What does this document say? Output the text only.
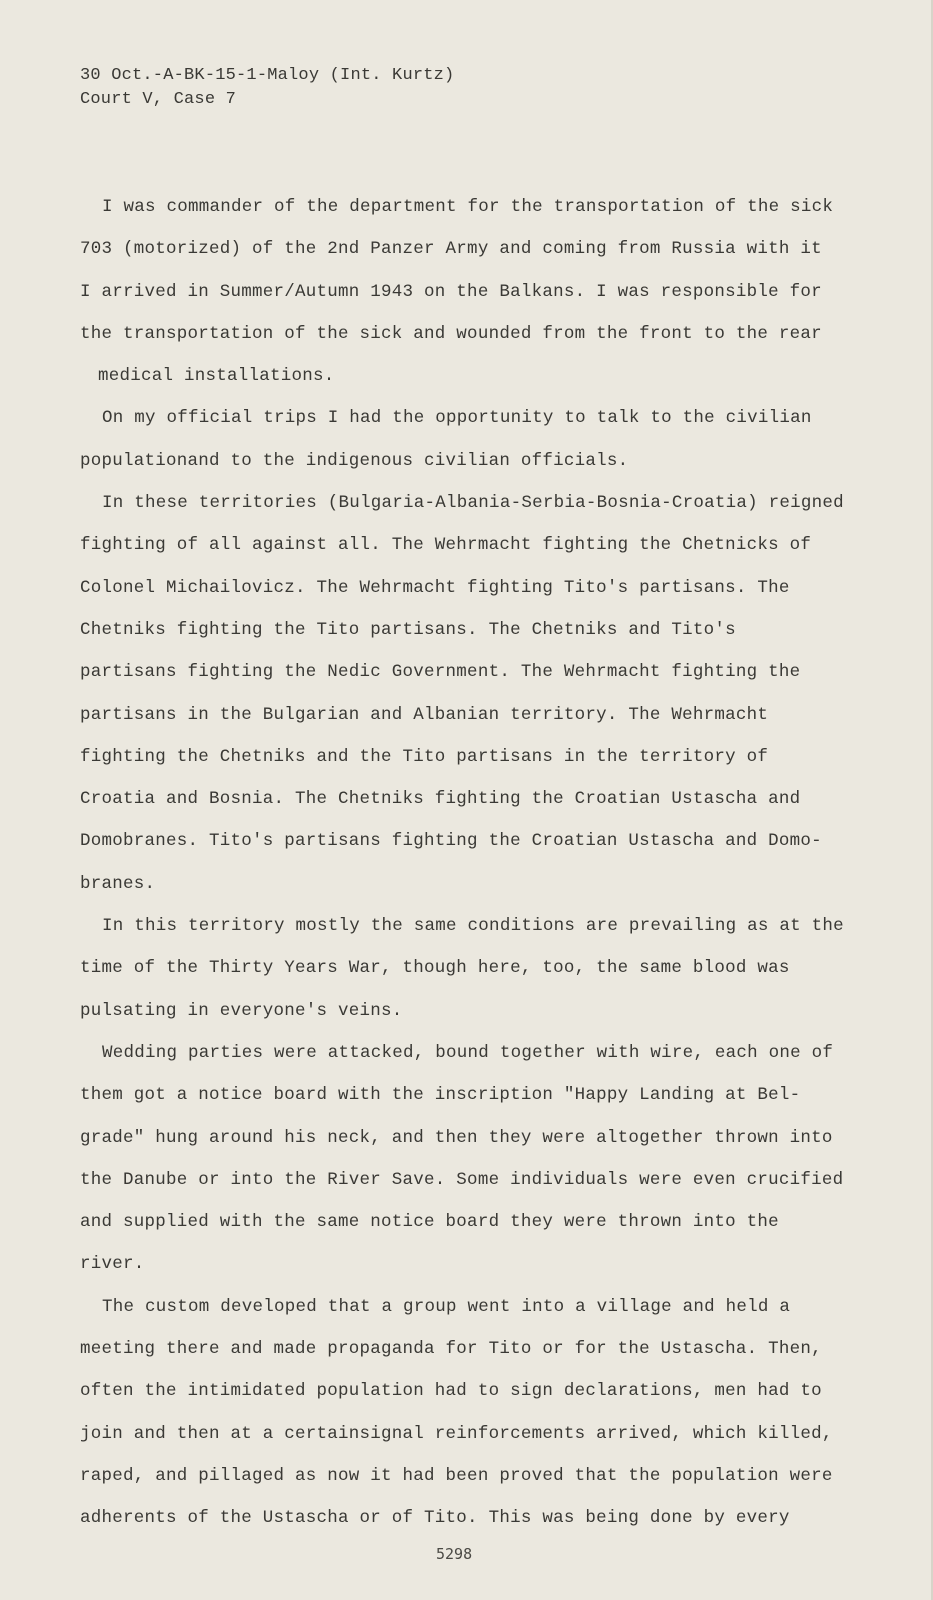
30 Oct.-A-BK-15-1-Maloy (Int. Kurtz)
Court V, Case 7
I was commander of the department for the transportation of the sick
703 (motorized) of the 2nd Panzer Army and coming from Russia with it
I arrived in Summer/Autumn 1943 on the Balkans. I was responsible for
the transportation of the sick and wounded from the front to the rear
medical installations.
On my official trips I had the opportunity to talk to the civilian
populationand to the indigenous civilian officials.
In these territories (Bulgaria-Albania-Serbia-Bosnia-Croatia) reigned
fighting of all against all. The Wehrmacht fighting the Chetnicks of
Colonel Michailovicz. The Wehrmacht fighting Tito's partisans. The
Chetniks fighting the Tito partisans. The Chetniks and Tito's
partisans fighting the Nedic Government. The Wehrmacht fighting the
partisans in the Bulgarian and Albanian territory. The Wehrmacht
fighting the Chetniks and the Tito partisans in the territory of
Croatia and Bosnia. The Chetniks fighting the Croatian Ustascha and
Domobranes. Tito's partisans fighting the Croatian Ustascha and Domo-
branes.
In this territory mostly the same conditions are prevailing as at the
time of the Thirty Years War, though here, too, the same blood was
pulsating in everyone's veins.
Wedding parties were attacked, bound together with wire, each one of
them got a notice board with the inscription "Happy Landing at Bel-
grade" hung around his neck, and then they were altogether thrown into
the Danube or into the River Save. Some individuals were even crucified
and supplied with the same notice board they were thrown into the
river.
The custom developed that a group went into a village and held a
meeting there and made propaganda for Tito or for the Ustascha. Then,
often the intimidated population had to sign declarations, men had to
join and then at a certainsignal reinforcements arrived, which killed,
raped, and pillaged as now it had been proved that the population were
adherents of the Ustascha or of Tito. This was being done by every
5298
